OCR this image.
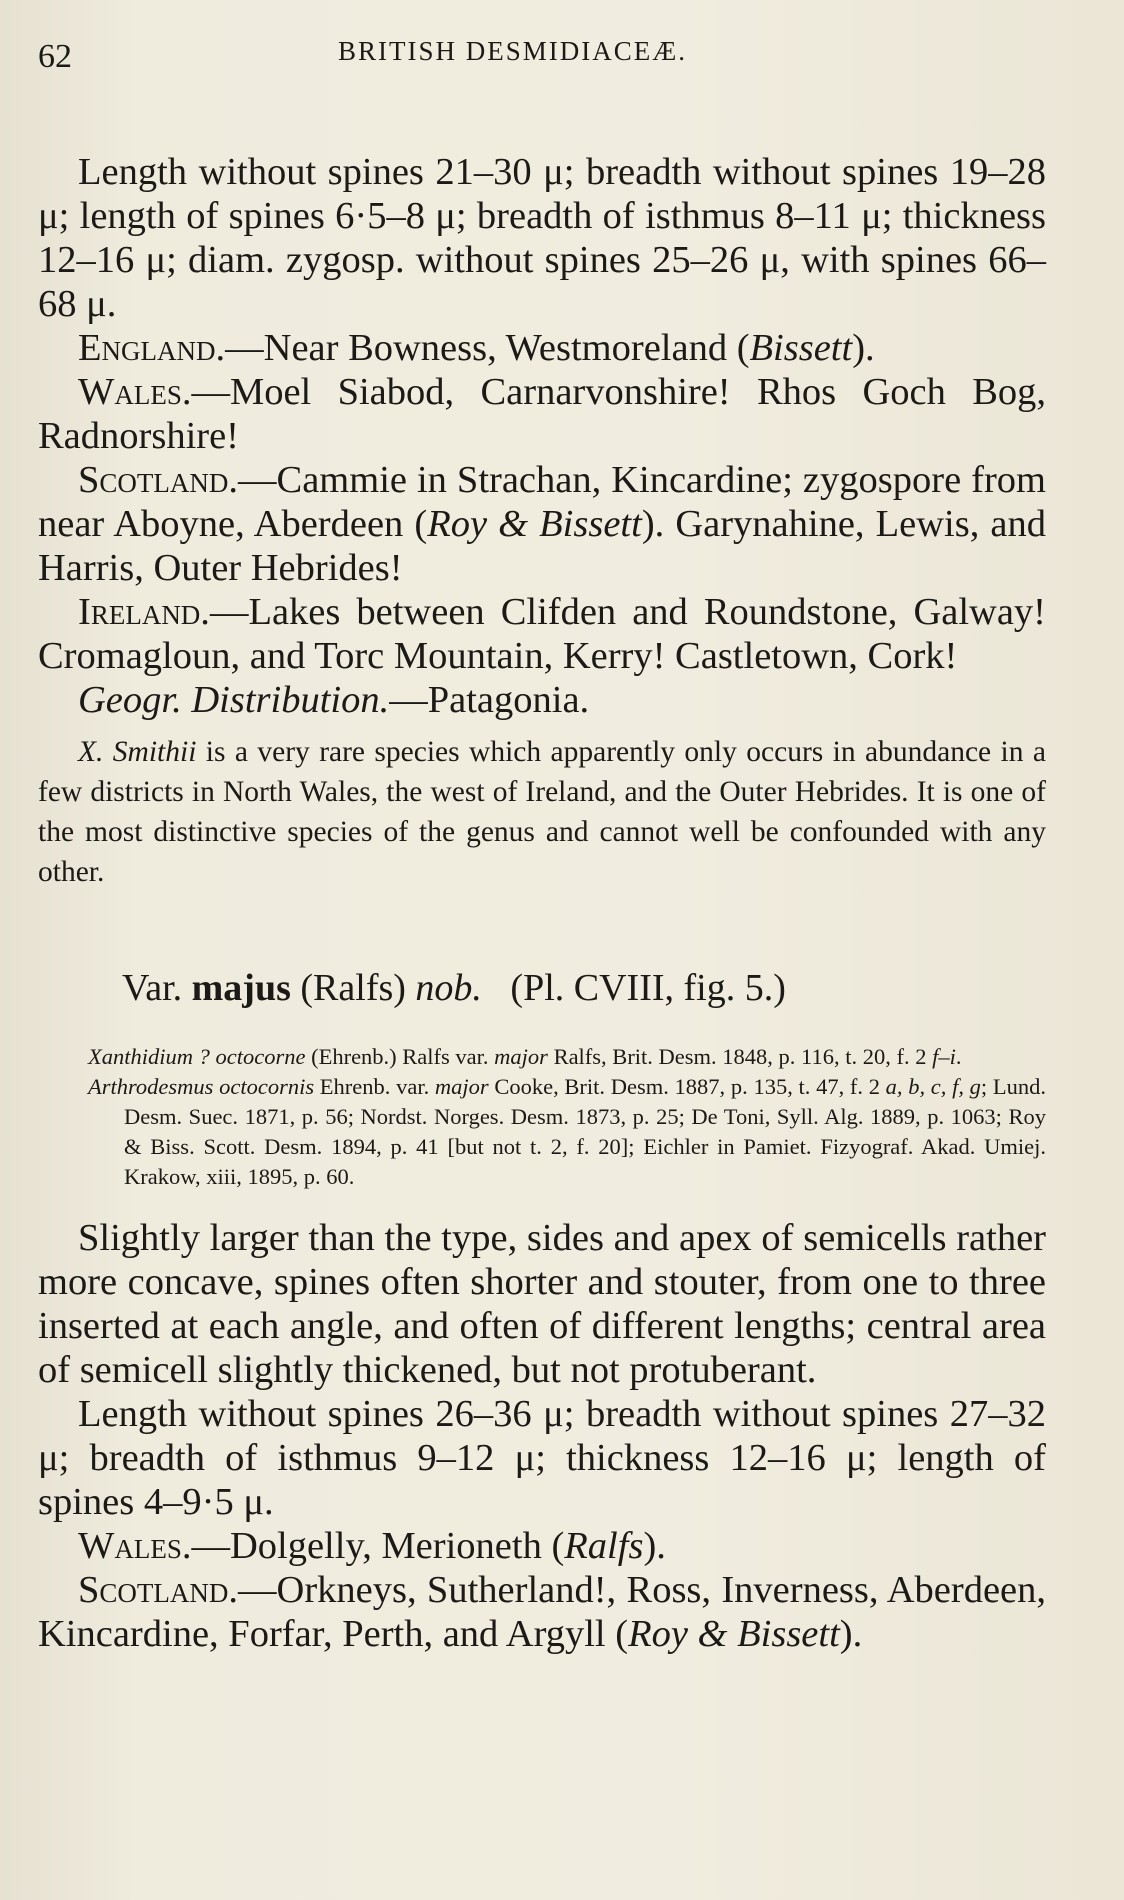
62	BRITISH DESMIDIACEÆ.

Length without spines 21–30 μ; breadth without spines 19–28 μ; length of spines 6·5–8 μ; breadth of isthmus 8–11 μ; thickness 12–16 μ; diam. zygosp. without spines 25–26 μ, with spines 66–68 μ.

England.—Near Bowness, Westmoreland (Bissett).

Wales.—Moel Siabod, Carnarvonshire! Rhos Goch Bog, Radnorshire!

Scotland.—Cammie in Strachan, Kincardine; zygospore from near Aboyne, Aberdeen (Roy & Bissett). Garynahine, Lewis, and Harris, Outer Hebrides!

Ireland.—Lakes between Clifden and Roundstone, Galway! Cromagloun, and Torc Mountain, Kerry! Castletown, Cork!

Geogr. Distribution.—Patagonia.

X. Smithii is a very rare species which apparently only occurs in abundance in a few districts in North Wales, the west of Ireland, and the Outer Hebrides. It is one of the most distinctive species of the genus and cannot well be confounded with any other.

Var. majus (Ralfs) nob. (Pl. CVIII, fig. 5.)

Xanthidium ? octocorne (Ehrenb.) Ralfs var. major Ralfs, Brit. Desm. 1848, p. 116, t. 20, f. 2 f–i.

Arthrodesmus octocornis Ehrenb. var. major Cooke, Brit. Desm. 1887, p. 135, t. 47, f. 2 a, b, c, f, g; Lund. Desm. Suec. 1871, p. 56; Nordst. Norges. Desm. 1873, p. 25; De Toni, Syll. Alg. 1889, p. 1063; Roy & Biss. Scott. Desm. 1894, p. 41 [but not t. 2, f. 20]; Eichler in Pamiet. Fizyograf. Akad. Umiej. Krakow, xiii, 1895, p. 60.

Slightly larger than the type, sides and apex of semicells rather more concave, spines often shorter and stouter, from one to three inserted at each angle, and often of different lengths; central area of semicell slightly thickened, but not protuberant.

Length without spines 26–36 μ; breadth without spines 27–32 μ; breadth of isthmus 9–12 μ; thickness 12–16 μ; length of spines 4–9·5 μ.

Wales.—Dolgelly, Merioneth (Ralfs).

Scotland.—Orkneys, Sutherland!, Ross, Inverness, Aberdeen, Kincardine, Forfar, Perth, and Argyll (Roy & Bissett).
